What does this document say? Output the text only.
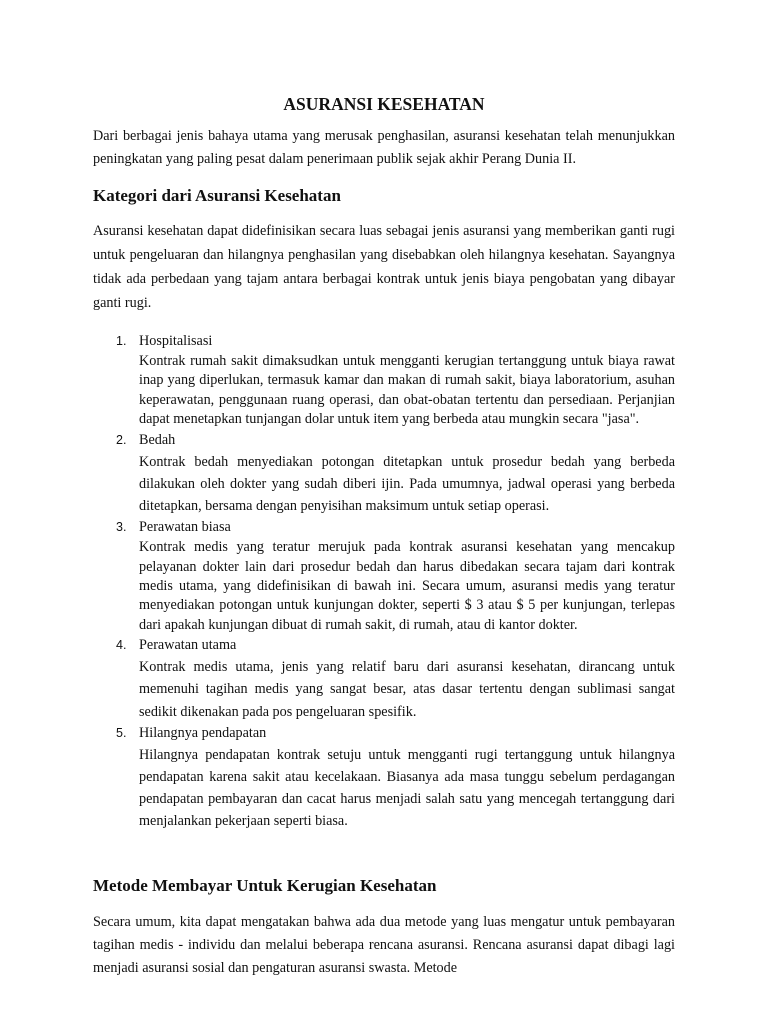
ASURANSI KESEHATAN

Dari berbagai jenis bahaya utama yang merusak penghasilan, asuransi kesehatan telah menunjukkan peningkatan yang paling pesat dalam penerimaan publik sejak akhir Perang Dunia II.

Kategori dari Asuransi Kesehatan

Asuransi kesehatan dapat didefinisikan secara luas sebagai jenis asuransi yang memberikan ganti rugi untuk pengeluaran dan hilangnya penghasilan yang disebabkan oleh hilangnya kesehatan. Sayangnya tidak ada perbedaan yang tajam antara berbagai kontrak untuk jenis biaya pengobatan yang dibayar ganti rugi.

1. Hospitalisasi

Kontrak rumah sakit dimaksudkan untuk mengganti kerugian tertanggung untuk biaya rawat inap yang diperlukan, termasuk kamar dan makan di rumah sakit, biaya laboratorium, asuhan keperawatan, penggunaan ruang operasi, dan obat-obatan tertentu dan persediaan. Perjanjian dapat menetapkan tunjangan dolar untuk item yang berbeda atau mungkin secara "jasa".

2. Bedah

Kontrak bedah menyediakan potongan ditetapkan untuk prosedur bedah yang berbeda dilakukan oleh dokter yang sudah diberi ijin. Pada umumnya, jadwal operasi yang berbeda ditetapkan, bersama dengan penyisihan maksimum untuk setiap operasi.

3. Perawatan biasa

Kontrak medis yang teratur merujuk pada kontrak asuransi kesehatan yang mencakup pelayanan dokter lain dari prosedur bedah dan harus dibedakan secara tajam dari kontrak medis utama, yang didefinisikan di bawah ini. Secara umum, asuransi medis yang teratur menyediakan potongan untuk kunjungan dokter, seperti $ 3 atau $ 5 per kunjungan, terlepas dari apakah kunjungan dibuat di rumah sakit, di rumah, atau di kantor dokter.

4. Perawatan utama

Kontrak medis utama, jenis yang relatif baru dari asuransi kesehatan, dirancang untuk memenuhi tagihan medis yang sangat besar, atas dasar tertentu dengan sublimasi sangat sedikit dikenakan pada pos pengeluaran spesifik.

5. Hilangnya pendapatan

Hilangnya pendapatan kontrak setuju untuk mengganti rugi tertanggung untuk hilangnya pendapatan karena sakit atau kecelakaan. Biasanya ada masa tunggu sebelum perdagangan pendapatan pembayaran dan cacat harus menjadi salah satu yang mencegah tertanggung dari menjalankan pekerjaan seperti biasa.

Metode Membayar Untuk Kerugian Kesehatan

Secara umum, kita dapat mengatakan bahwa ada dua metode yang luas mengatur untuk pembayaran tagihan medis - individu dan melalui beberapa rencana asuransi. Rencana asuransi dapat dibagi lagi menjadi asuransi sosial dan pengaturan asuransi swasta. Metode
